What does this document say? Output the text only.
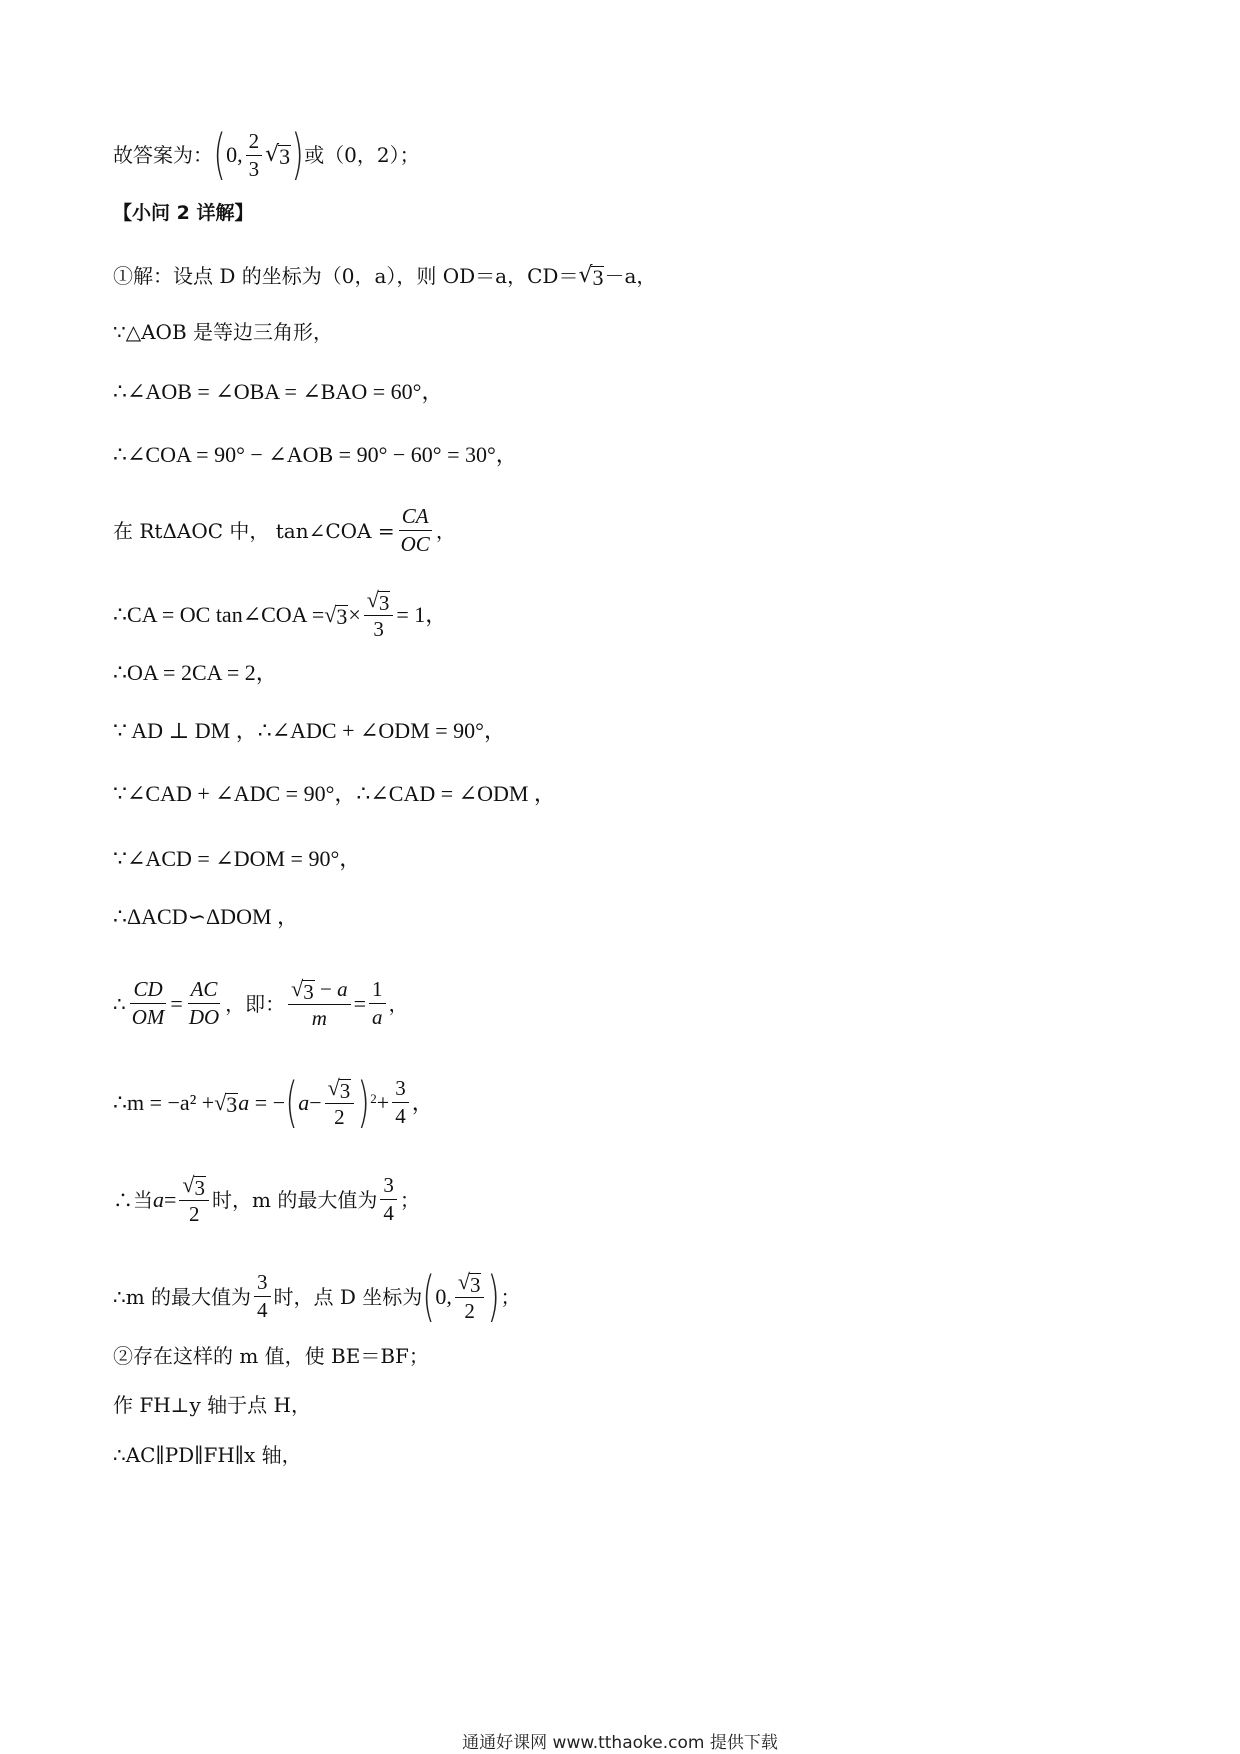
故答案为： ( 0, $\frac{2}{3}$ √ 3 ) 或（0，2）；
【小问 2 详解】
①解：设点 D 的坐标为（0，a），则 OD＝a，CD＝ √ 3 －a，
∵△AOB 是等边三角形，
∴∠AOB = ∠OBA = ∠BAO = 60°，
∴∠COA = 90° − ∠AOB = 90° − 60° = 30°，
在 RtΔAOC 中， tan∠COA = $\frac{CA}{OC}$ ，
∴CA = OC tan∠COA = √ $3 \times \frac{√ 3}{3} = 1$，
∴OA = 2CA = 2，
∵ AD ⊥ DM ，∴∠ADC + ∠ODM = 90°，
∵∠CAD + ∠ADC = 90°，∴∠CAD = ∠ODM ，
∵∠ACD = ∠DOM = 90°，
∴ΔACD∽ΔDOM ，
∴ $\frac{CD}{OM} = \frac{AC}{DO}$ ，即： $\frac{√ 3 - a}{m} = \frac{1}{a}$ ，
∴m = −a² + √ 3 a = − ( $a - \frac{√ 3}{2}$ ) $2 + \frac{3}{4}$ ，
∴当 $a = \frac{√ 3}{2}$ 时，m 的最大值为 $\frac{3}{4}$ ；
∴m 的最大值为 $\frac{3}{4}$ 时，点 D 坐标为 ( 0, $\frac{√ 3}{2}$ ) ；
②存在这样的 m 值，使 BE＝BF；
作 FH⊥y 轴于点 H，
∴AC∥PD∥FH∥x 轴，
通通好课网 www.tthaoke.com 提供下载
